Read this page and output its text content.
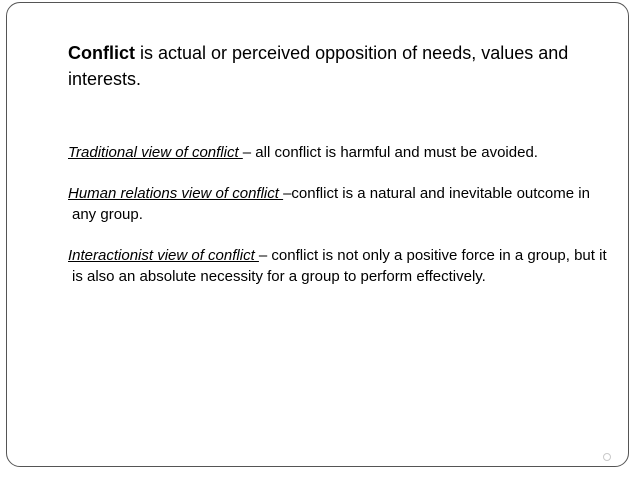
Conflict is actual or perceived opposition of needs, values and interests.

Traditional view of conflict – all conflict is harmful and must be avoided.

Human relations view of conflict –conflict is a natural and inevitable outcome in any group.

Interactionist view of conflict – conflict is not only a positive force in a group, but it is also an absolute necessity for a group to perform effectively.
